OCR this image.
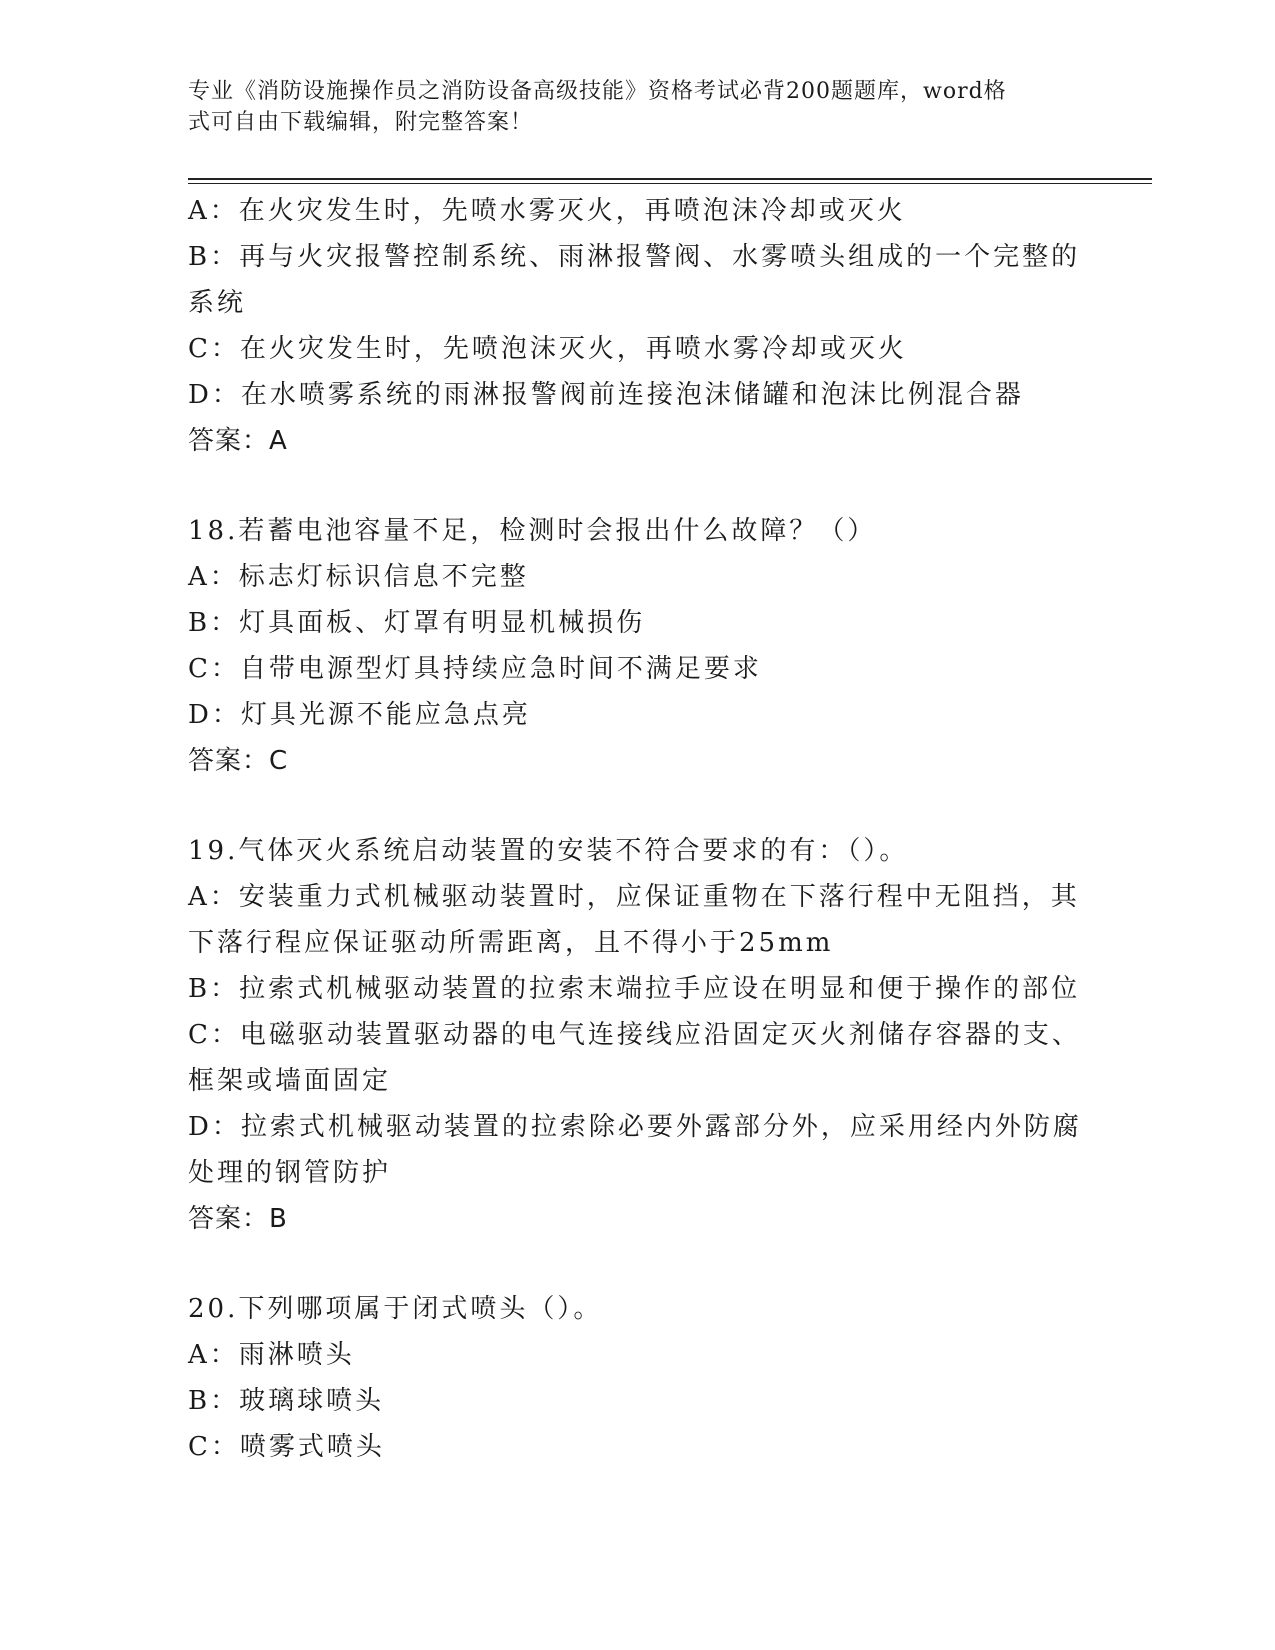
专业《消防设施操作员之消防设备高级技能》资格考试必背200题题库，word格
式可自由下载编辑，附完整答案！
A：在火灾发生时，先喷水雾灭火，再喷泡沫冷却或灭火
B：再与火灾报警控制系统、雨淋报警阀、水雾喷头组成的一个完整的
系统
C：在火灾发生时，先喷泡沫灭火，再喷水雾冷却或灭火
D：在水喷雾系统的雨淋报警阀前连接泡沫储罐和泡沫比例混合器
答案：A
18.若蓄电池容量不足，检测时会报出什么故障？（）
A：标志灯标识信息不完整
B：灯具面板、灯罩有明显机械损伤
C：自带电源型灯具持续应急时间不满足要求
D：灯具光源不能应急点亮
答案：C
19.气体灭火系统启动装置的安装不符合要求的有：（）。
A：安装重力式机械驱动装置时，应保证重物在下落行程中无阻挡，其
下落行程应保证驱动所需距离，且不得小于25mm
B：拉索式机械驱动装置的拉索末端拉手应设在明显和便于操作的部位
C：电磁驱动装置驱动器的电气连接线应沿固定灭火剂储存容器的支、
框架或墙面固定
D：拉索式机械驱动装置的拉索除必要外露部分外，应采用经内外防腐
处理的钢管防护
答案：B
20.下列哪项属于闭式喷头（）。
A：雨淋喷头
B：玻璃球喷头
C：喷雾式喷头
